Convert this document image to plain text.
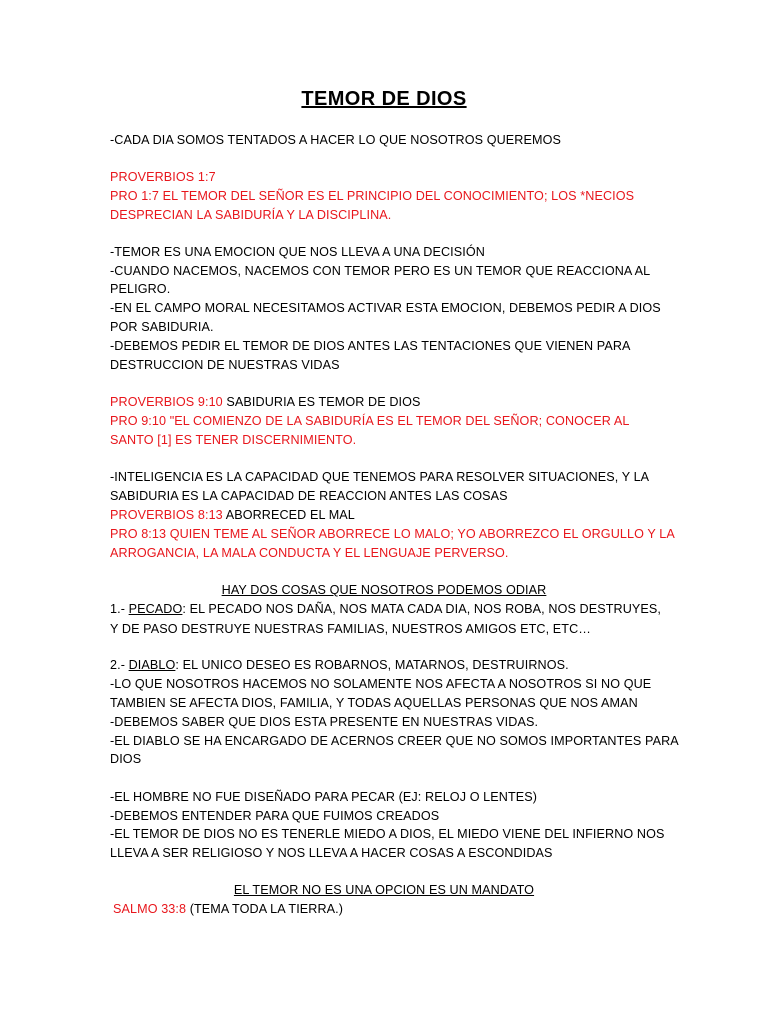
TEMOR DE DIOS
-CADA DIA SOMOS TENTADOS A HACER LO QUE NOSOTROS QUEREMOS
PROVERBIOS 1:7
PRO 1:7 EL TEMOR DEL SEÑOR ES EL PRINCIPIO DEL CONOCIMIENTO; LOS *NECIOS
DESPRECIAN LA SABIDURÍA Y LA DISCIPLINA.
-TEMOR ES UNA EMOCION QUE NOS LLEVA A UNA DECISIÓN
-CUANDO NACEMOS, NACEMOS CON TEMOR PERO ES UN TEMOR QUE REACCIONA AL
PELIGRO.
-EN EL CAMPO MORAL NECESITAMOS ACTIVAR ESTA EMOCION, DEBEMOS PEDIR A DIOS
POR SABIDURIA.
-DEBEMOS PEDIR EL TEMOR DE DIOS ANTES LAS TENTACIONES QUE VIENEN PARA
DESTRUCCION DE NUESTRAS VIDAS
PROVERBIOS 9:10 SABIDURIA ES TEMOR DE DIOS
PRO 9:10 "EL COMIENZO DE LA SABIDURÍA ES EL TEMOR DEL SEÑOR; CONOCER AL
SANTO [1] ES TENER DISCERNIMIENTO.
-INTELIGENCIA ES LA CAPACIDAD QUE TENEMOS PARA RESOLVER SITUACIONES, Y LA
SABIDURIA ES LA CAPACIDAD DE REACCION ANTES LAS COSAS
PROVERBIOS 8:13 ABORRECED EL MAL
PRO 8:13 QUIEN TEME AL SEÑOR ABORRECE LO MALO; YO ABORREZCO EL ORGULLO Y LA
ARROGANCIA, LA MALA CONDUCTA Y EL LENGUAJE PERVERSO.
HAY DOS COSAS QUE NOSOTROS PODEMOS ODIAR
1.- PECADO: EL PECADO NOS DAÑA, NOS MATA CADA DIA, NOS ROBA, NOS DESTRUYES,
Y DE PASO DESTRUYE NUESTRAS FAMILIAS, NUESTROS AMIGOS ETC, ETC…
2.- DIABLO: EL UNICO DESEO ES ROBARNOS, MATARNOS, DESTRUIRNOS.
-LO QUE NOSOTROS HACEMOS NO SOLAMENTE NOS AFECTA A NOSOTROS SI NO QUE
TAMBIEN SE AFECTA DIOS, FAMILIA, Y TODAS AQUELLAS PERSONAS QUE NOS AMAN
-DEBEMOS SABER QUE DIOS ESTA PRESENTE EN NUESTRAS VIDAS.
-EL DIABLO SE HA ENCARGADO DE ACERNOS CREER QUE NO SOMOS IMPORTANTES PARA
DIOS
-EL HOMBRE NO FUE DISEÑADO PARA PECAR (EJ: RELOJ O LENTES)
-DEBEMOS ENTENDER PARA QUE FUIMOS CREADOS
-EL TEMOR DE DIOS NO ES TENERLE MIEDO A DIOS, EL MIEDO VIENE DEL INFIERNO NOS
LLEVA A SER RELIGIOSO Y NOS LLEVA A HACER COSAS A ESCONDIDAS
EL TEMOR NO ES UNA OPCION ES UN MANDATO
SALMO 33:8 (TEMA TODA LA TIERRA.)
